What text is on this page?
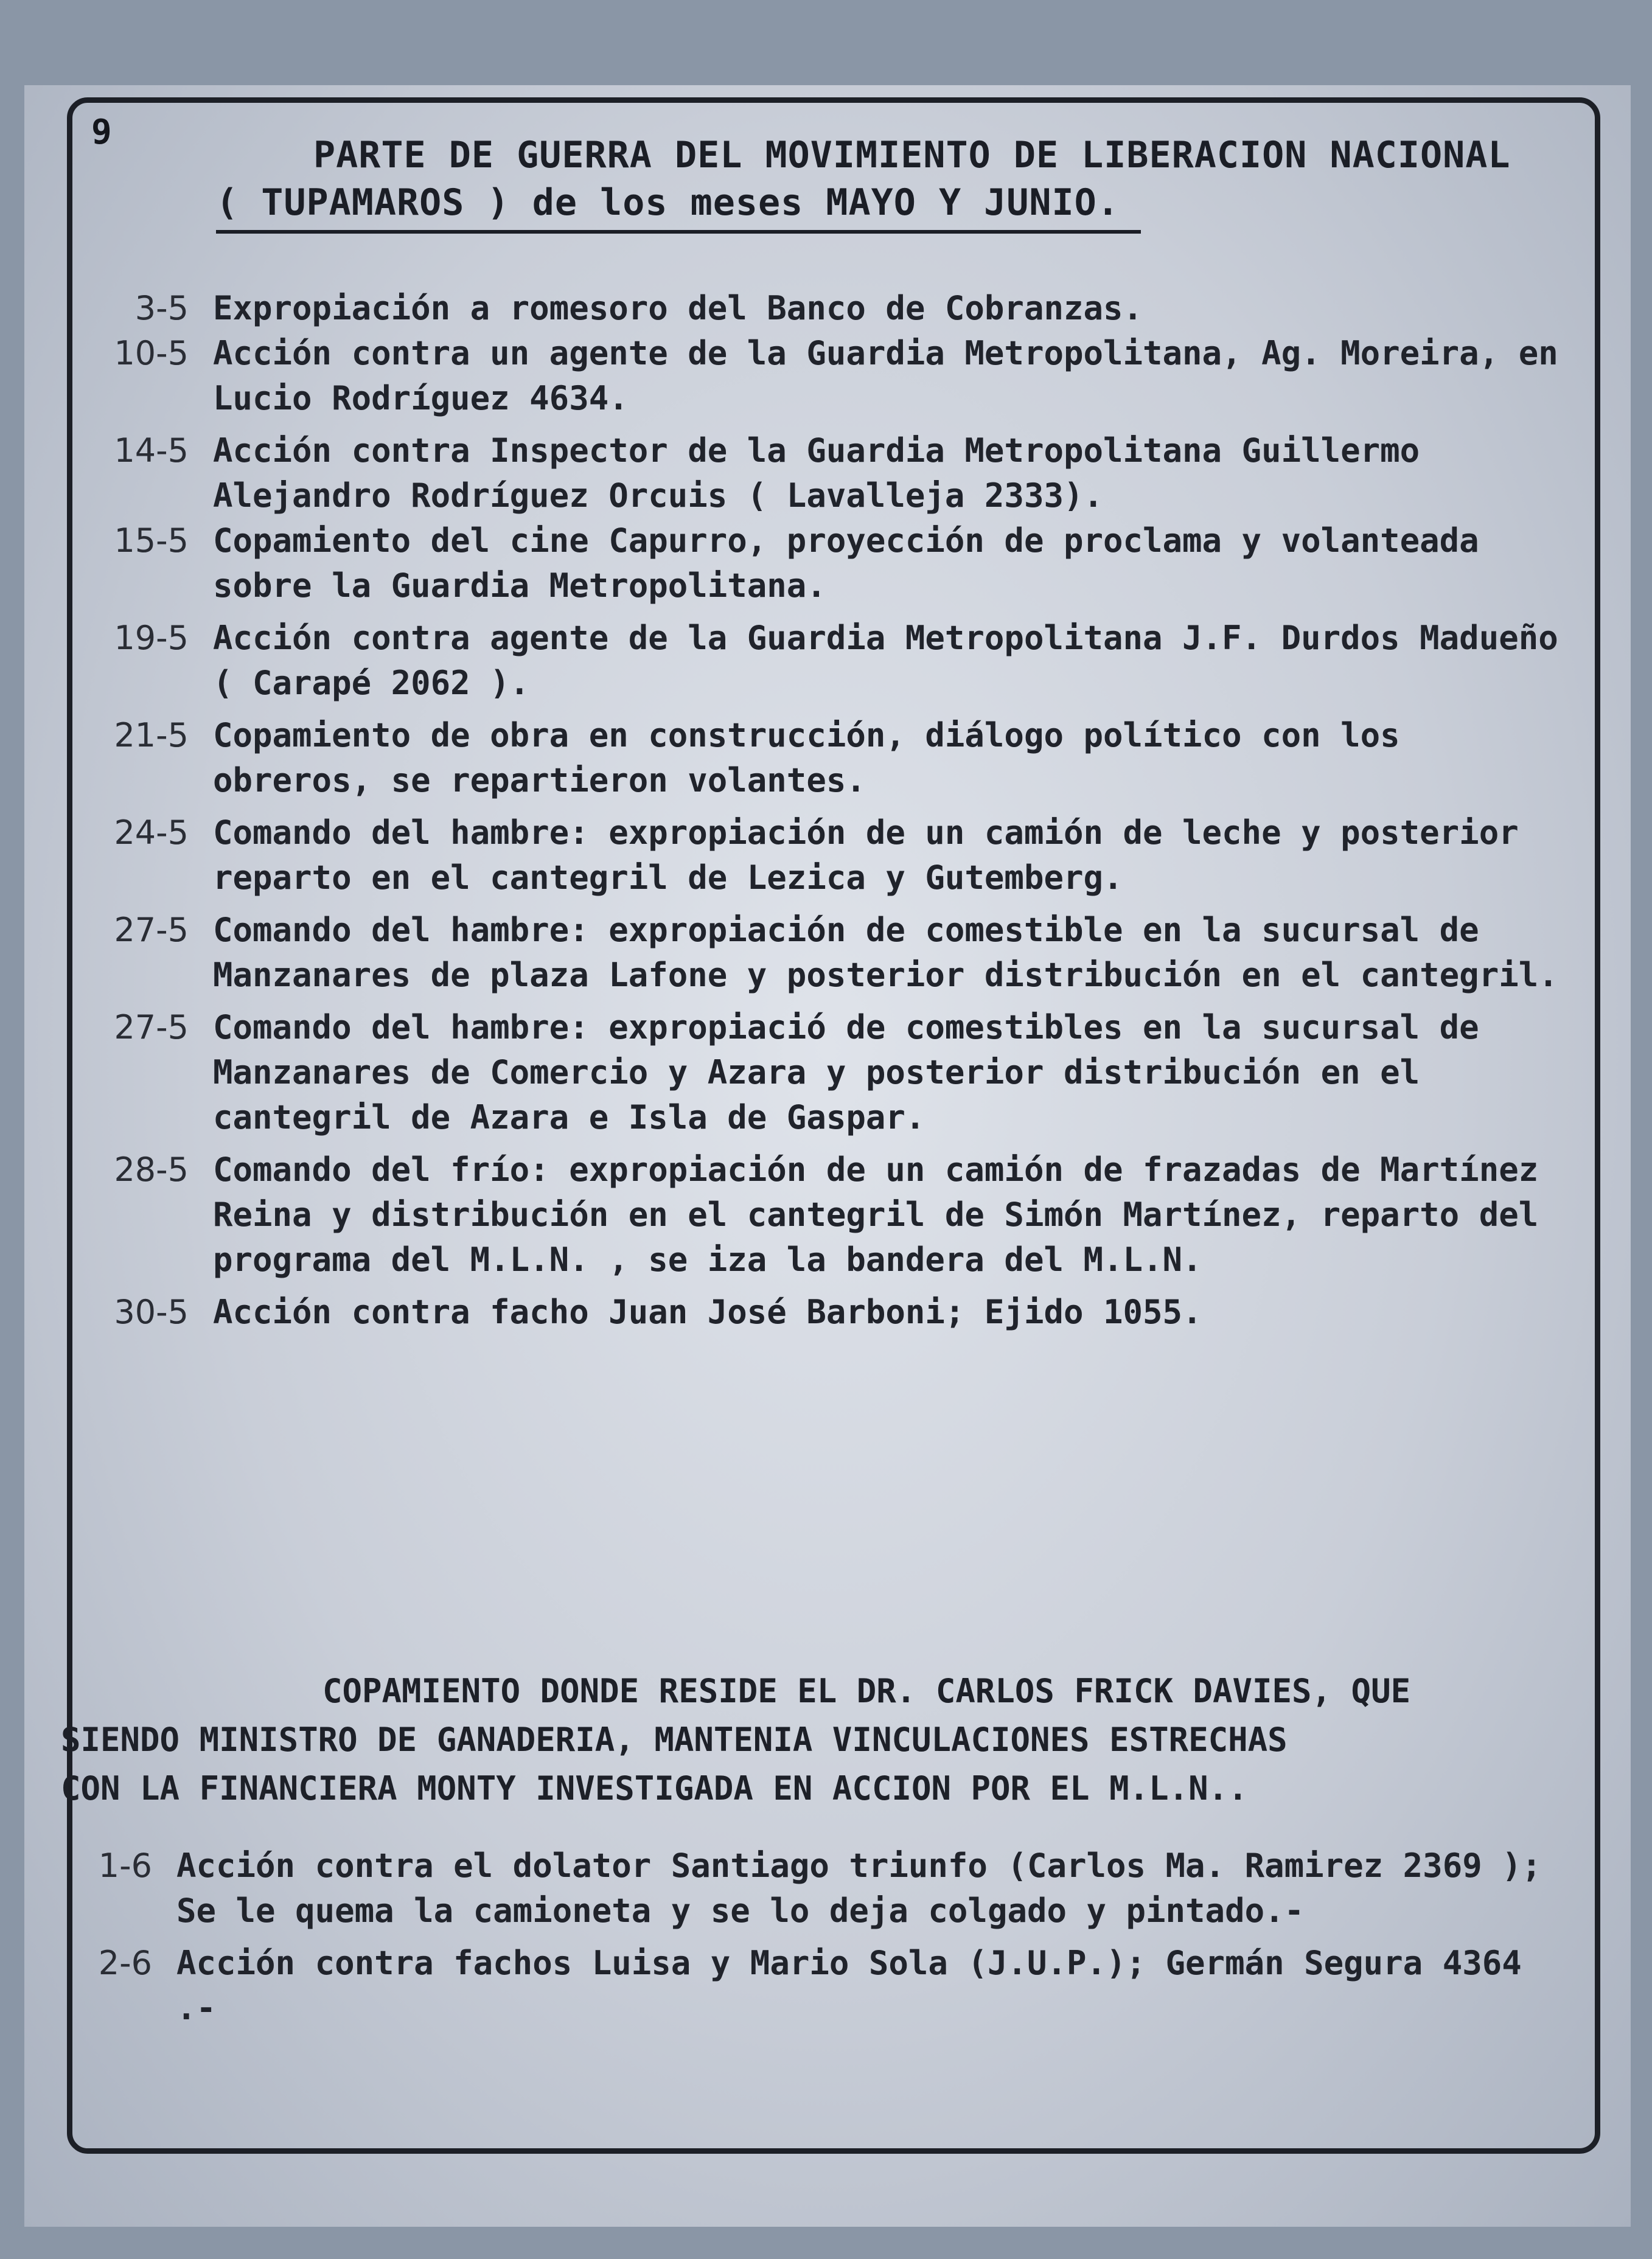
9
PARTE DE GUERRA DEL MOVIMIENTO DE LIBERACION NACIONAL
( TUPAMAROS ) de los meses MAYO Y JUNIO.
3-5 Expropiación a romesoro del Banco de Cobranzas.
10-5 Acción contra un agente de la Guardia Metropolitana, Ag. Moreira, en Lucio Rodríguez 4634.
14-5 Acción contra Inspector de la Guardia Metropolitana Guillermo Alejandro Rodríguez Orcuis ( Lavalleja 2333).
15-5 Copamiento del cine Capurro, proyección de proclama y volanteada sobre la Guardia Metropolitana.
19-5 Acción contra agente de la Guardia Metropolitana J.F. Durdos Madueño ( Carapé 2062 ).
21-5 Copamiento de obra en construcción, diálogo político con los obreros, se repartieron volantes.
24-5 Comando del hambre: expropiación de un camión de leche y posterior reparto en el cantegril de Lezica y Gutemberg.
27-5 Comando del hambre: expropiación de comestible en la sucursal de Manzanares de plaza Lafone y posterior distribución en el cantegril.
27-5 Comando del hambre: expropiació de comestibles en la sucursal de Manzanares de Comercio y Azara y posterior distribución en el cantegril de Azara e Isla de Gaspar.
28-5 Comando del frío: expropiación de un camión de frazadas de Martínez Reina y distribución en el cantegril de Simón Martínez, reparto del programa del M.L.N. , se iza la bandera del M.L.N.
30-5 Acción contra facho Juan José Barboni; Ejido 1055.
COPAMIENTO DONDE RESIDE EL DR. CARLOS FRICK DAVIES, QUE
SIENDO MINISTRO DE GANADERIA, MANTENIA VINCULACIONES ESTRECHAS
CON LA FINANCIERA MONTY INVESTIGADA EN ACCION POR EL M.L.N..
1-6 Acción contra el dolator Santiago triunfo (Carlos Ma. Ramirez 2369 ); Se le quema la camioneta y se lo deja colgado y pintado.-
2-6 Acción contra fachos Luisa y Mario Sola (J.U.P.); Germán Segura 4364 .-
